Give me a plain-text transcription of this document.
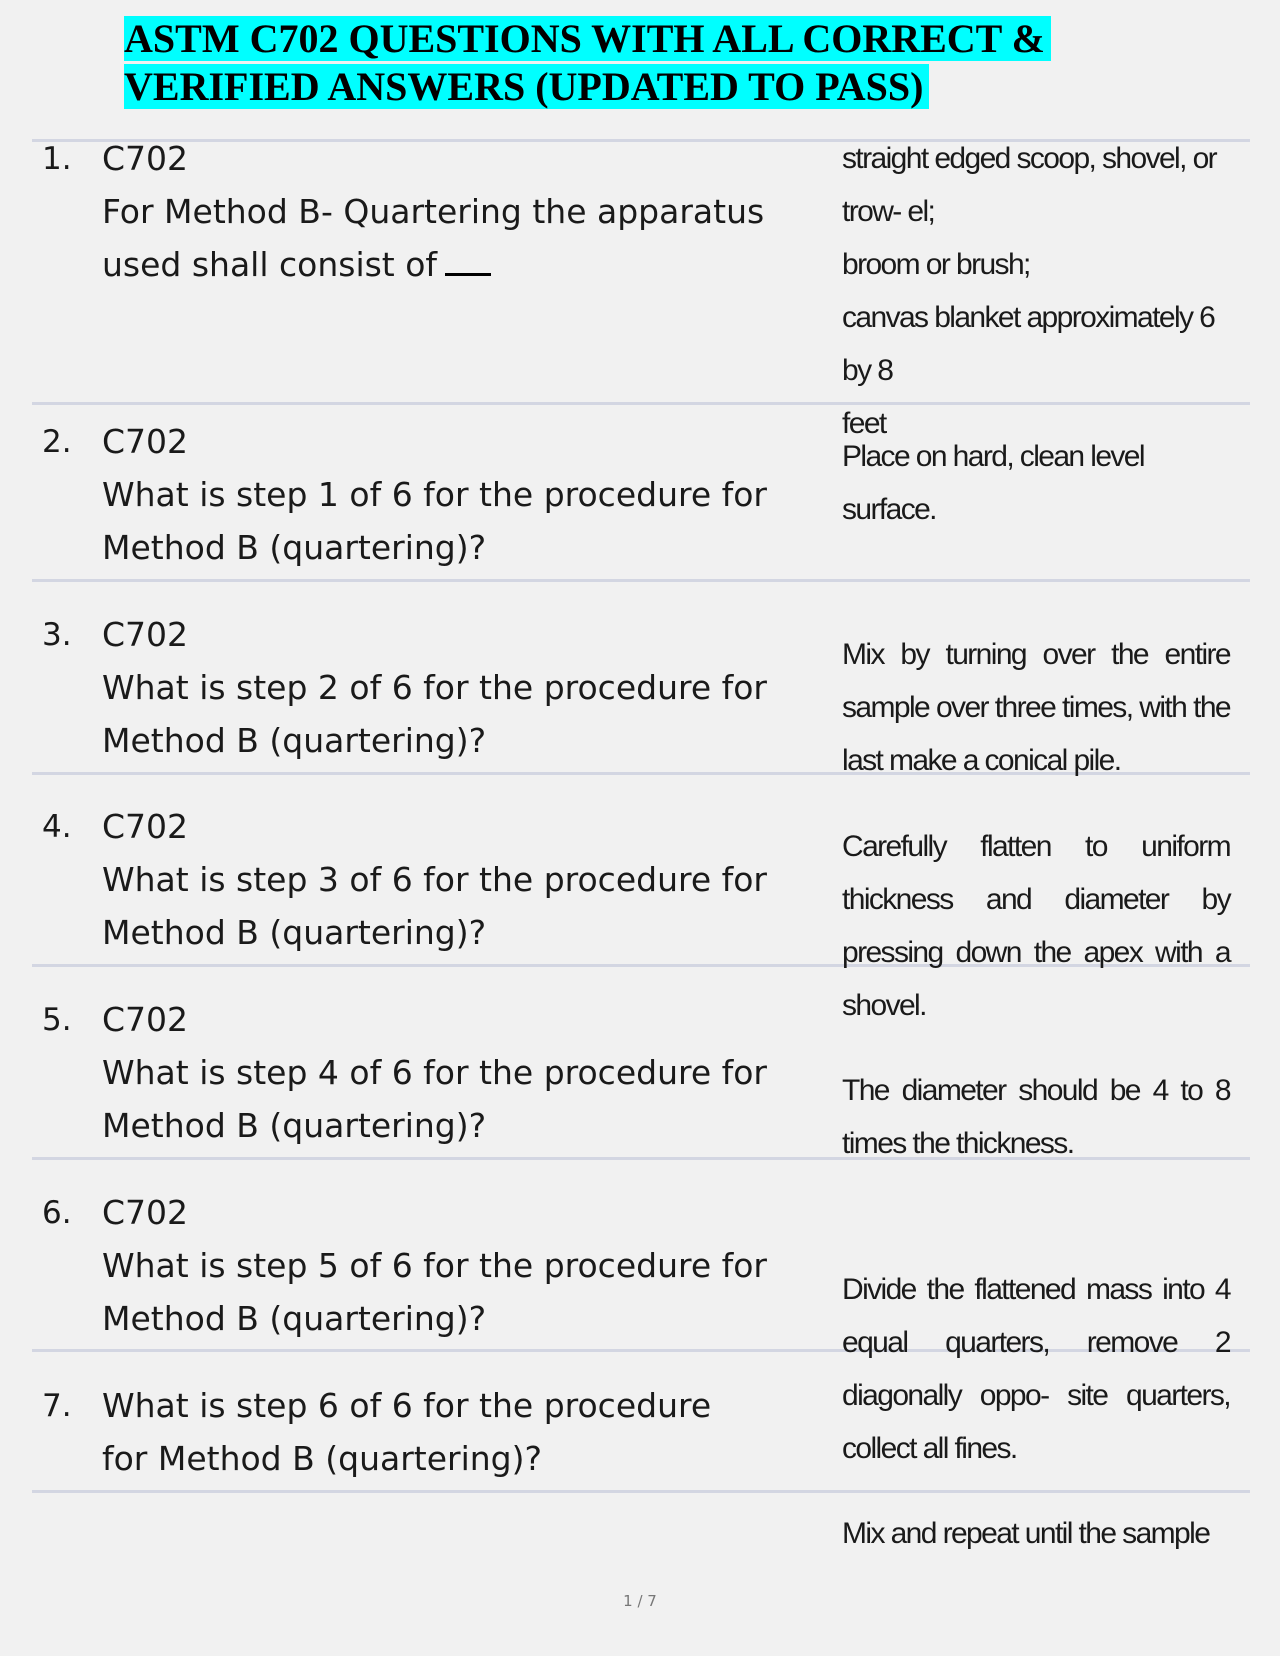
ASTM C702 QUESTIONS WITH ALL CORRECT &
VERIFIED ANSWERS (UPDATED TO PASS)
1. C702
For Method B- Quartering the apparatus
used shall consist of
straight edged scoop, shovel, or
trow- el;
broom or brush;
canvas blanket approximately 6 by 8
feet
2. C702
What is step 1 of 6 for the procedure for
Method B (quartering)?
Place on hard, clean level surface.
3. C702
What is step 2 of 6 for the procedure for
Method B (quartering)?
Mix by turning over the entire sample over three times, with the last make a conical pile.
4. C702
What is step 3 of 6 for the procedure for
Method B (quartering)?
Carefully flatten to uniform thickness and diameter by pressing down the apex with a shovel.
5. C702
What is step 4 of 6 for the procedure for
Method B (quartering)?
The diameter should be 4 to 8 times the thickness.
6. C702
What is step 5 of 6 for the procedure for
Method B (quartering)?
Divide the flattened mass into 4 equal quarters, remove 2 diagonally oppo- site quarters, collect all fines.
7. What is step 6 of 6 for the procedure
for Method B (quartering)?
Mix and repeat until the sample
1 / 7
